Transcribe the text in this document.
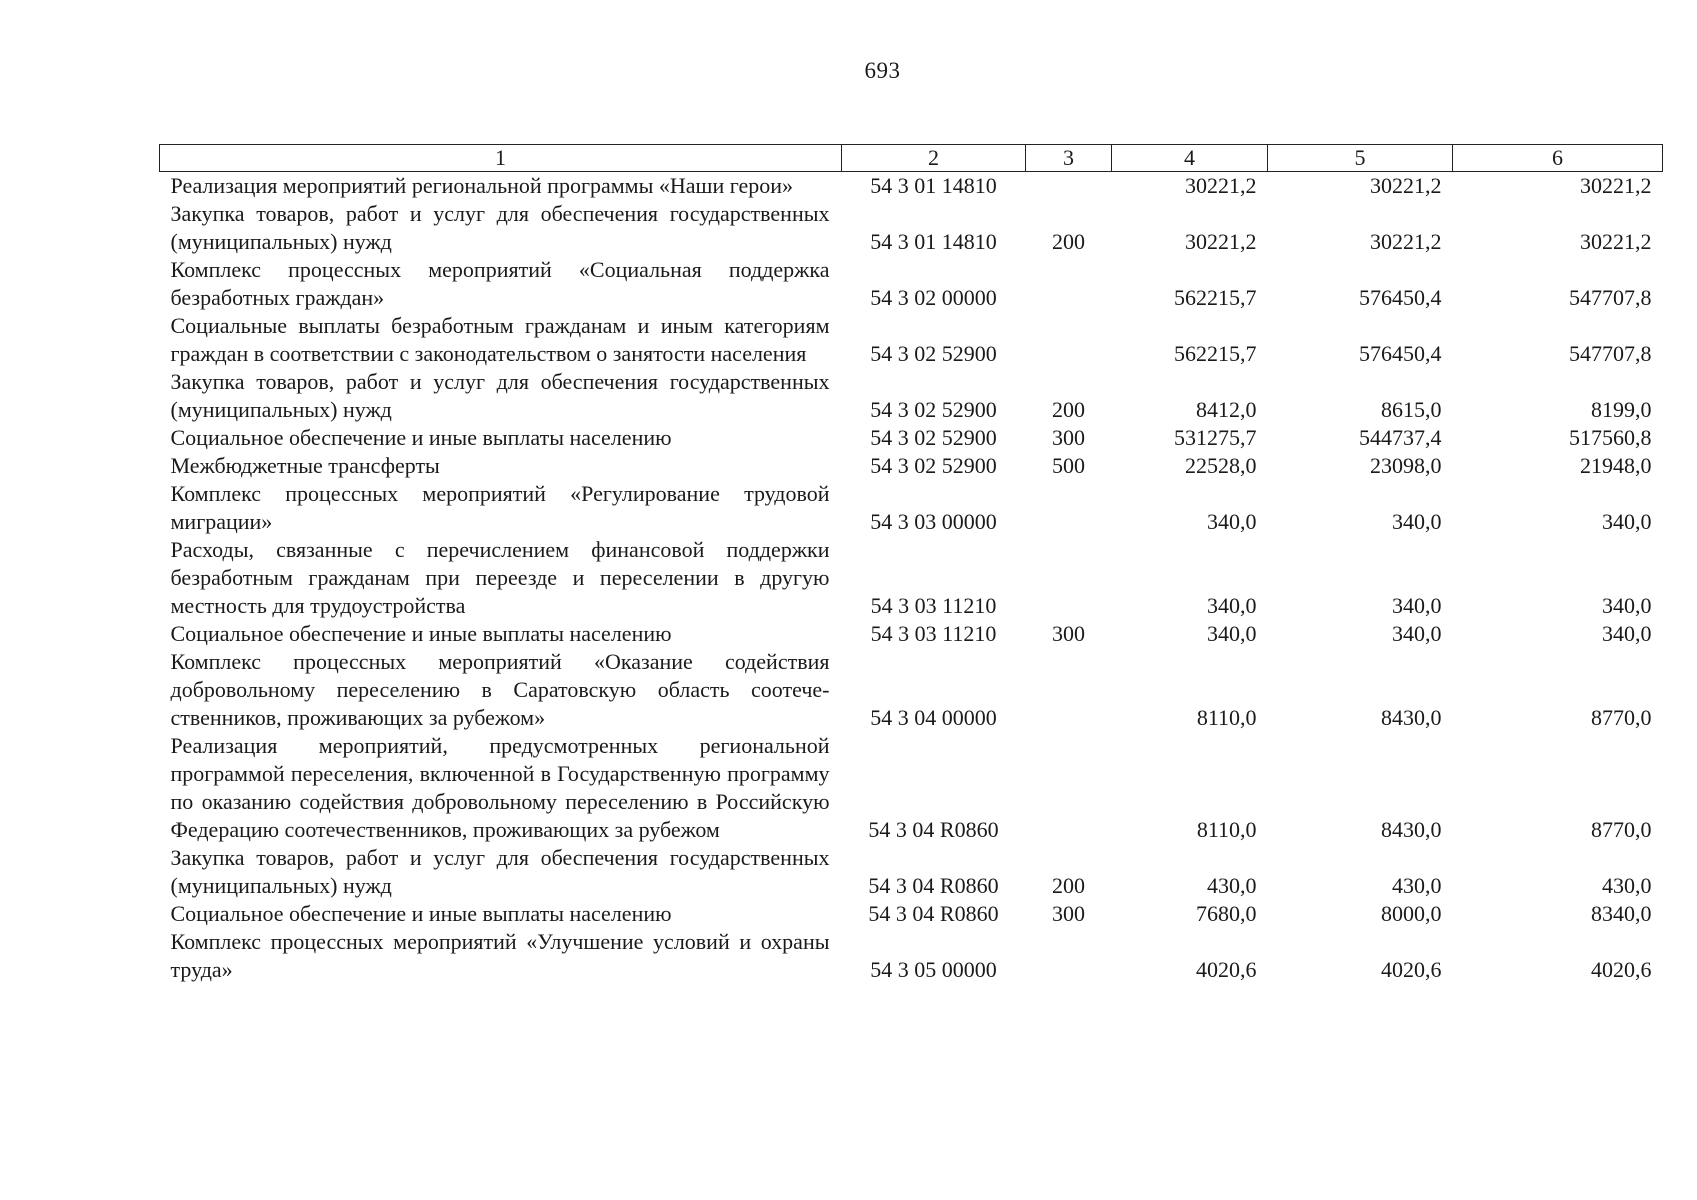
693
1	2	3	4	5	6
Реализация мероприятий региональной программы «Наши герои»	54 3 01 14810		30221,2	30221,2	30221,2
Закупка товаров, работ и услуг для обеспечения государственных (муниципальных) нужд	54 3 01 14810	200	30221,2	30221,2	30221,2
Комплекс процессных мероприятий «Социальная поддержка безработных граждан»	54 3 02 00000		562215,7	576450,4	547707,8
Социальные выплаты безработным гражданам и иным категориям граждан в соответствии с законодательством о занятости населения	54 3 02 52900		562215,7	576450,4	547707,8
Закупка товаров, работ и услуг для обеспечения государственных (муниципальных) нужд	54 3 02 52900	200	8412,0	8615,0	8199,0
Социальное обеспечение и иные выплаты населению	54 3 02 52900	300	531275,7	544737,4	517560,8
Межбюджетные трансферты	54 3 02 52900	500	22528,0	23098,0	21948,0
Комплекс процессных мероприятий «Регулирование трудовой миграции»	54 3 03 00000		340,0	340,0	340,0
Расходы, связанные с перечислением финансовой поддержки безработным гражданам при переезде и переселении в другую местность для трудоустройства	54 3 03 11210		340,0	340,0	340,0
Социальное обеспечение и иные выплаты населению	54 3 03 11210	300	340,0	340,0	340,0
Комплекс процессных мероприятий «Оказание содействия добровольному переселению в Саратовскую область соотечественников, проживающих за рубежом»	54 3 04 00000		8110,0	8430,0	8770,0
Реализация мероприятий, предусмотренных региональной программой переселения, включенной в Государственную программу по оказанию содействия добровольному переселению в Российскую Федерацию соотечественников, проживающих за рубежом	54 3 04 R0860		8110,0	8430,0	8770,0
Закупка товаров, работ и услуг для обеспечения государственных (муниципальных) нужд	54 3 04 R0860	200	430,0	430,0	430,0
Социальное обеспечение и иные выплаты населению	54 3 04 R0860	300	7680,0	8000,0	8340,0
Комплекс процессных мероприятий «Улучшение условий и охраны труда»	54 3 05 00000		4020,6	4020,6	4020,6
